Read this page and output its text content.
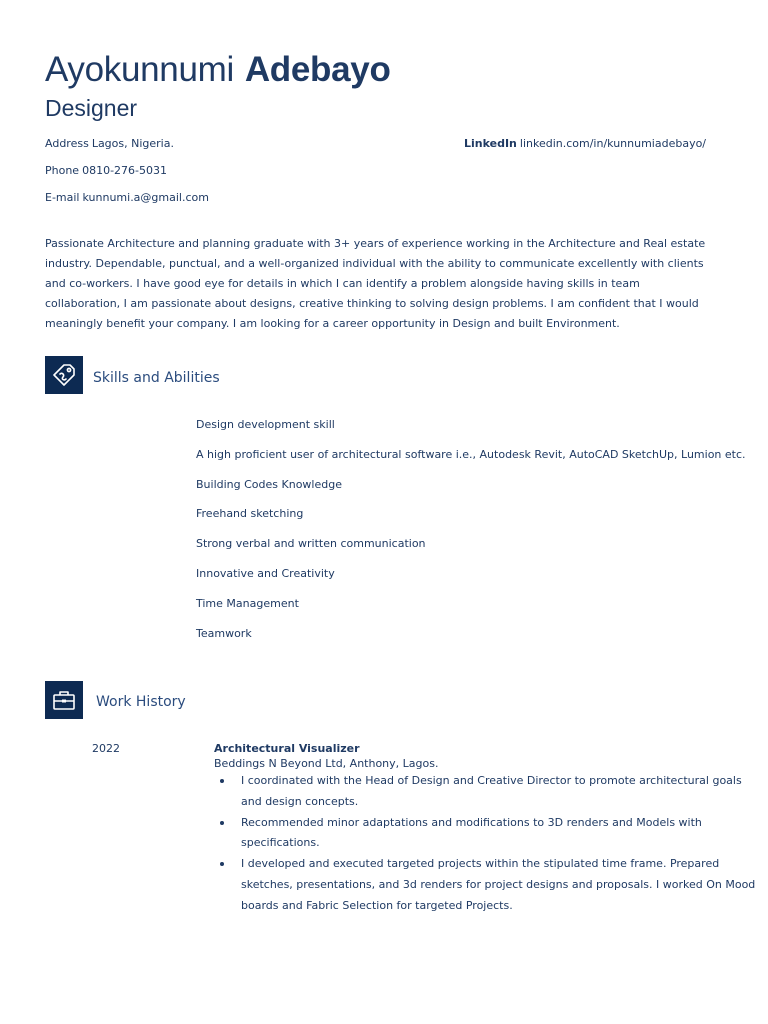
Ayokunnumi Adebayo
Designer
Address Lagos, Nigeria.
Phone 0810-276-5031
E-mail kunnumi.a@gmail.com
LinkedIn linkedin.com/in/kunnumiadebayo/
Passionate Architecture and planning graduate with 3+ years of experience working in the Architecture and Real estate
industry. Dependable, punctual, and a well-organized individual with the ability to communicate excellently with clients
and co-workers. I have good eye for details in which I can identify a problem alongside having skills in team
collaboration, I am passionate about designs, creative thinking to solving design problems. I am confident that I would
meaningly benefit your company. I am looking for a career opportunity in Design and built Environment.
Skills and Abilities
Design development skill
A high proficient user of architectural software i.e., Autodesk Revit, AutoCAD SketchUp, Lumion etc.
Building Codes Knowledge
Freehand sketching
Strong verbal and written communication
Innovative and Creativity
Time Management
Teamwork
Work History
2022	Architectural Visualizer
Beddings N Beyond Ltd, Anthony, Lagos.
I coordinated with the Head of Design and Creative Director to promote architectural goals
and design concepts.
Recommended minor adaptations and modifications to 3D renders and Models with
specifications.
I developed and executed targeted projects within the stipulated time frame. Prepared
sketches, presentations, and 3d renders for project designs and proposals. I worked On Mood
boards and Fabric Selection for targeted Projects.
